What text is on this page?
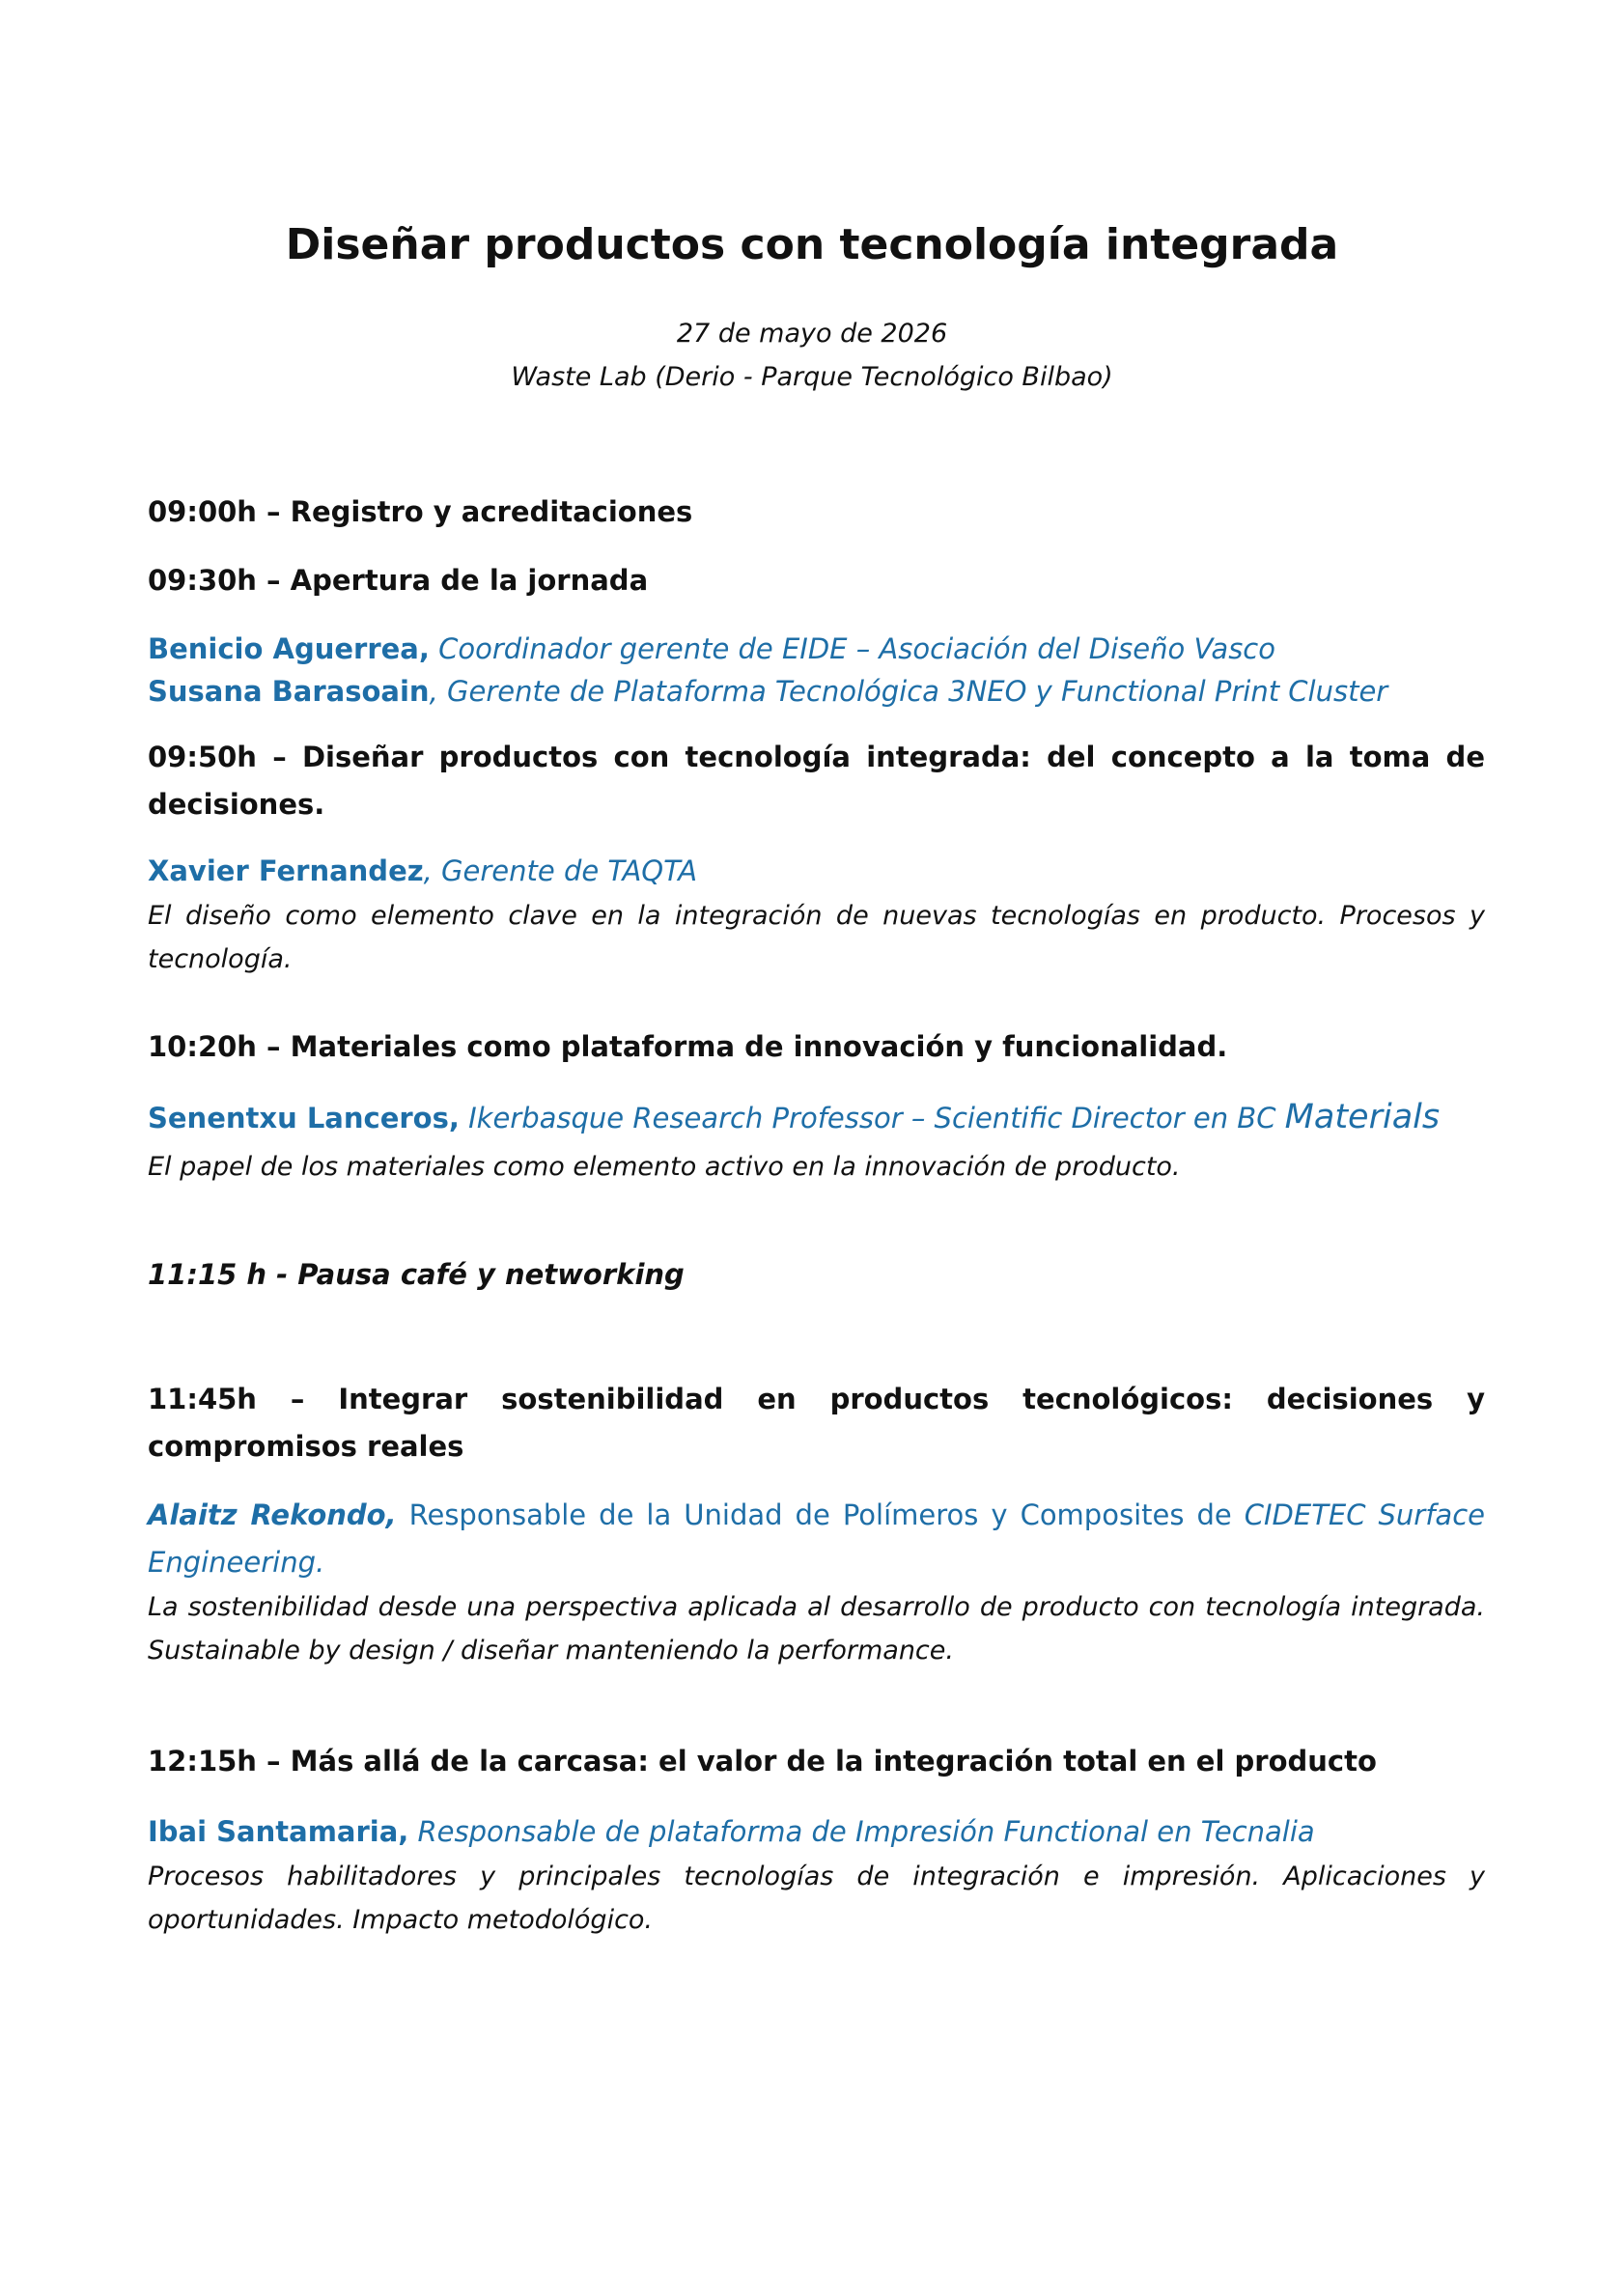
Diseñar productos con tecnología integrada

27 de mayo de 2026

Waste Lab (Derio - Parque Tecnológico Bilbao)

09:00h – Registro y acreditaciones

09:30h – Apertura de la jornada

Benicio Aguerrea, Coordinador gerente de EIDE – Asociación del Diseño Vasco
Susana Barasoain, Gerente de Plataforma Tecnológica 3NEO y Functional Print Cluster

09:50h – Diseñar productos con tecnología integrada: del concepto a la toma de decisiones.

Xavier Fernandez, Gerente de TAQTA

El diseño como elemento clave en la integración de nuevas tecnologías en producto. Procesos y tecnología.

10:20h – Materiales como plataforma de innovación y funcionalidad.

Senentxu Lanceros, Ikerbasque Research Professor – Scientific Director en BC Materials

El papel de los materiales como elemento activo en la innovación de producto.

11:15 h - Pausa café y networking

11:45h – Integrar sostenibilidad en productos tecnológicos: decisiones y compromisos reales

Alaitz Rekondo, Responsable de la Unidad de Polímeros y Composites de CIDETEC Surface Engineering.

La sostenibilidad desde una perspectiva aplicada al desarrollo de producto con tecnología integrada. Sustainable by design / diseñar manteniendo la performance.

12:15h – Más allá de la carcasa: el valor de la integración total en el producto

Ibai Santamaria, Responsable de plataforma de Impresión Functional en Tecnalia

Procesos habilitadores y principales tecnologías de integración e impresión. Aplicaciones y oportunidades. Impacto metodológico.
